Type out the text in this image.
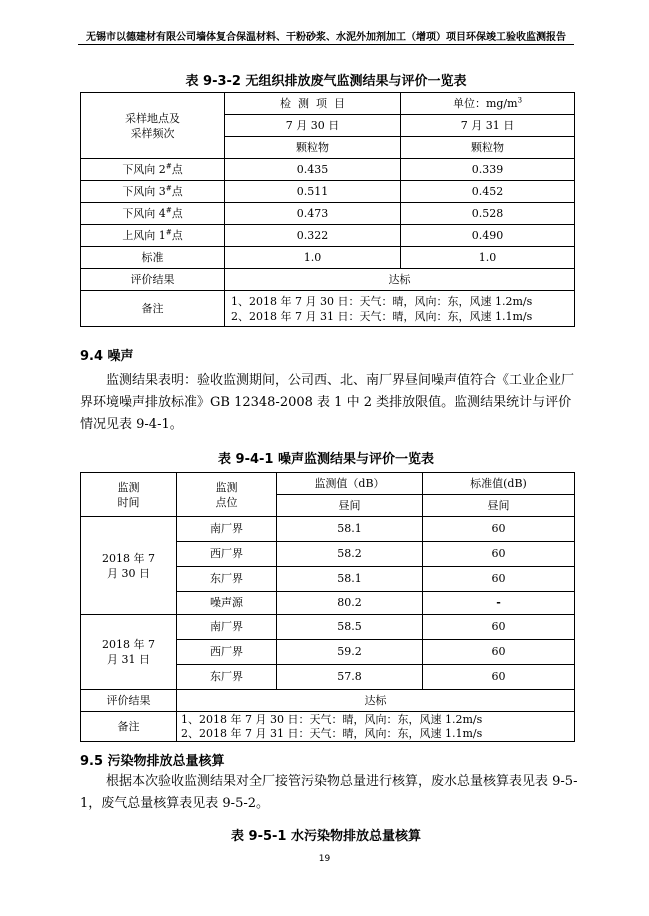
无锡市以德建材有限公司墙体复合保温材料、干粉砂浆、水泥外加剂加工（增项）项目环保竣工验收监测报告
表 9-3-2 无组织排放废气监测结果与评价一览表
采样地点及采样频次	检  测  项  目	单位：$mg/m^3$
	7 月 30 日	7 月 31 日
	颗粒物	颗粒物
下风向 2#点	0.435	0.339
下风向 3#点	0.511	0.452
下风向 4#点	0.473	0.528
上风向 1#点	0.322	0.490
标准	1.0	1.0
评价结果	达标	
备注	1、2018 年 7 月 30 日：天气：晴，风向：东，风速 1.2m/s
2、2018 年 7 月 31 日：天气：晴，风向：东，风速 1.1m/s	
9.4 噪声

监测结果表明：验收监测期间，公司西、北、南厂界昼间噪声值符合《工业企业厂界环境噪声排放标准》GB 12348-2008 表 1 中 2 类排放限值。监测结果统计与评价情况见表 9-4-1。

表 9-4-1 噪声监测结果与评价一览表
监测时间	监测点位	监测值（dB）	标准值(dB)
		昼间	昼间

2018 年 7 月 30 日	南厂界	58.1	60
	西厂界	58.2	60
	东厂界	58.1	60
	噪声源	80.2	-

2018 年 7 月 31 日	南厂界	58.5	60
	西厂界	59.2	60
	东厂界	57.8	60
评价结果	达标		
备注	1、2018 年 7 月 30 日：天气：晴，风向：东，风速 1.2m/s
2、2018 年 7 月 31 日：天气：晴，风向：东，风速 1.1m/s		
9.5 污染物排放总量核算

根据本次验收监测结果对全厂接管污染物总量进行核算，废水总量核算表见表 9-5-1，废气总量核算表见表 9-5-2。

表 9-5-1 水污染物排放总量核算
19
